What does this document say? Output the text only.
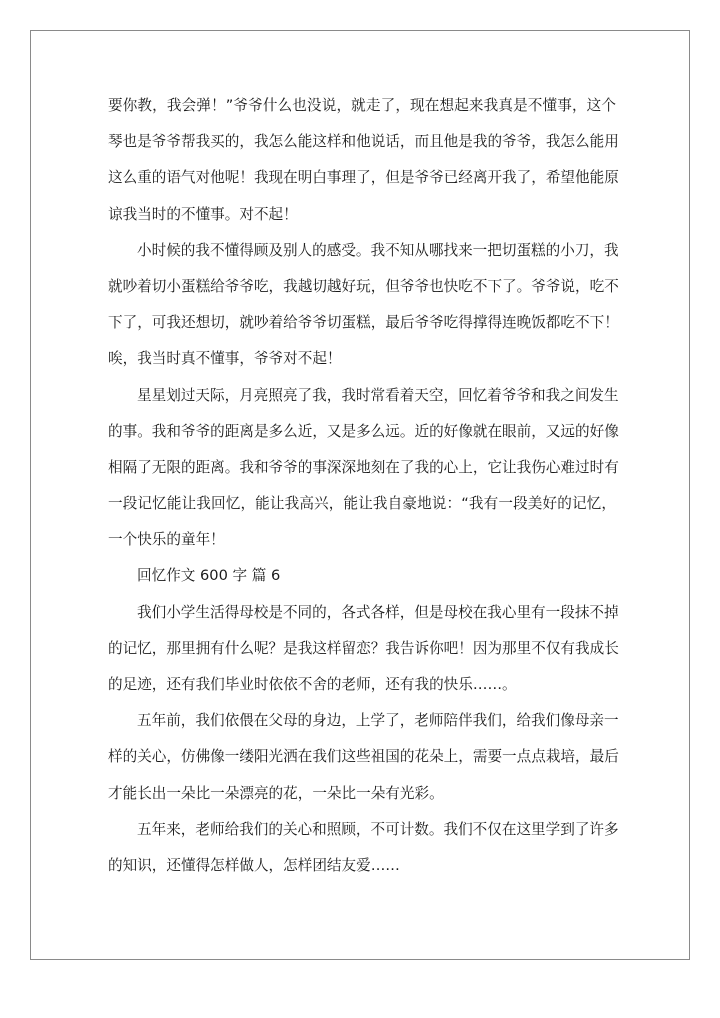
要你教，我会弹！”爷爷什么也没说，就走了，现在想起来我真是不懂事，这个
琴也是爷爷帮我买的，我怎么能这样和他说话，而且他是我的爷爷，我怎么能用
这么重的语气对他呢！我现在明白事理了，但是爷爷已经离开我了，希望他能原
谅我当时的不懂事。对不起！
小时候的我不懂得顾及别人的感受。我不知从哪找来一把切蛋糕的小刀，我
就吵着切小蛋糕给爷爷吃，我越切越好玩，但爷爷也快吃不下了。爷爷说，吃不
下了，可我还想切，就吵着给爷爷切蛋糕，最后爷爷吃得撑得连晚饭都吃不下！
唉，我当时真不懂事，爷爷对不起！
星星划过天际，月亮照亮了我，我时常看着天空，回忆着爷爷和我之间发生
的事。我和爷爷的距离是多么近，又是多么远。近的好像就在眼前，又远的好像
相隔了无限的距离。我和爷爷的事深深地刻在了我的心上，它让我伤心难过时有
一段记忆能让我回忆，能让我高兴，能让我自豪地说：“我有一段美好的记忆，
一个快乐的童年！
回忆作文 600 字 篇 6
我们小学生活得母校是不同的，各式各样，但是母校在我心里有一段抹不掉
的记忆，那里拥有什么呢？是我这样留恋？我告诉你吧！因为那里不仅有我成长
的足迹，还有我们毕业时依依不舍的老师，还有我的快乐……。
五年前，我们依偎在父母的身边，上学了，老师陪伴我们，给我们像母亲一
样的关心，仿佛像一缕阳光洒在我们这些祖国的花朵上，需要一点点栽培，最后
才能长出一朵比一朵漂亮的花，一朵比一朵有光彩。
五年来，老师给我们的关心和照顾，不可计数。我们不仅在这里学到了许多
的知识，还懂得怎样做人，怎样团结友爱……
